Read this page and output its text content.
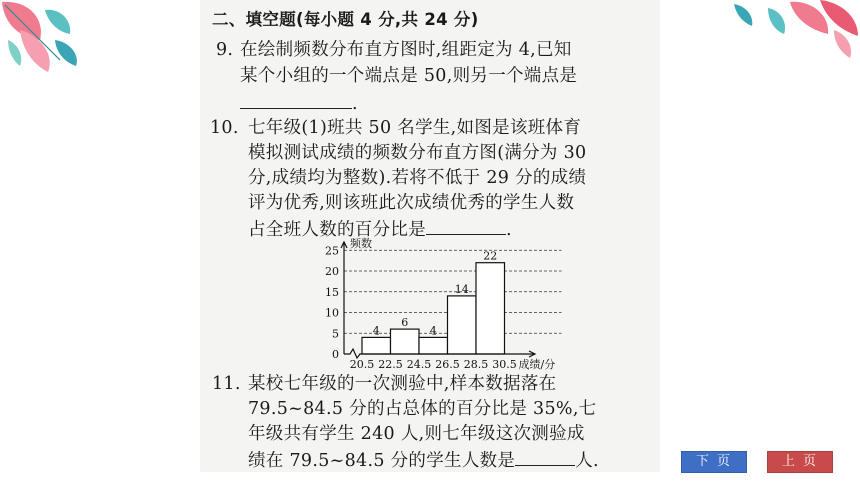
二、填空题(每小题 4 分,共 24 分)
9. 在绘制频数分布直方图时,组距定为 4,已知
某个小组的一个端点是 50,则另一个端点是
.
10. 七年级(1)班共 50 名学生,如图是该班体育
模拟测试成绩的频数分布直方图(满分为 30
分,成绩均为整数).若将不低于 29 分的成绩
评为优秀,则该班此次成绩优秀的学生人数
占全班人数的百分比是	.
4
6
4
14
22
0
5
10
15
20
25
20.5 22.5 24.5 26.5 28.5 30.5
频数
成绩/分
11. 某校七年级的一次测验中,样本数据落在
79.5~84.5 分的占总体的百分比是 35%,七
年级共有学生 240 人,则七年级这次测验成
绩在 79.5~84.5 分的学生人数是	人.	下 页	上 页
